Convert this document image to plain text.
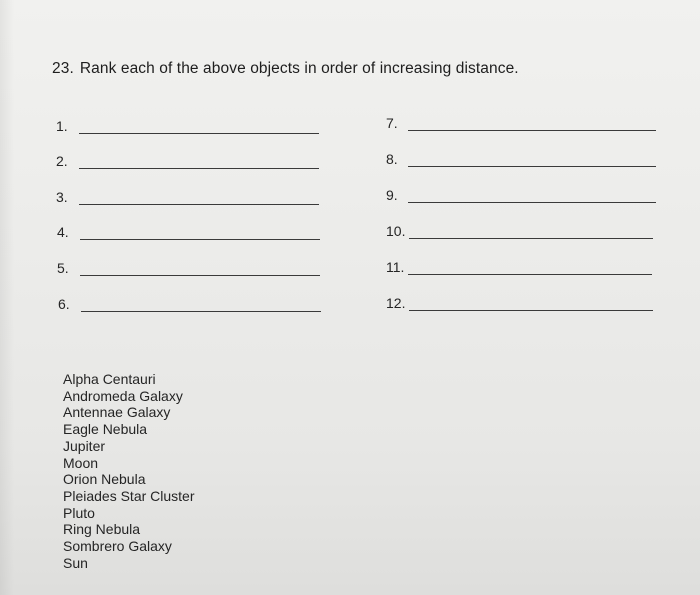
23. Rank each of the above objects in order of increasing distance.
1.
2.
3.
4.
5.
6.
7.
8.
9.
10.
11.
12.
Alpha Centauri
Andromeda Galaxy
Antennae Galaxy
Eagle Nebula
Jupiter
Moon
Orion Nebula
Pleiades Star Cluster
Pluto
Ring Nebula
Sombrero Galaxy
Sun
